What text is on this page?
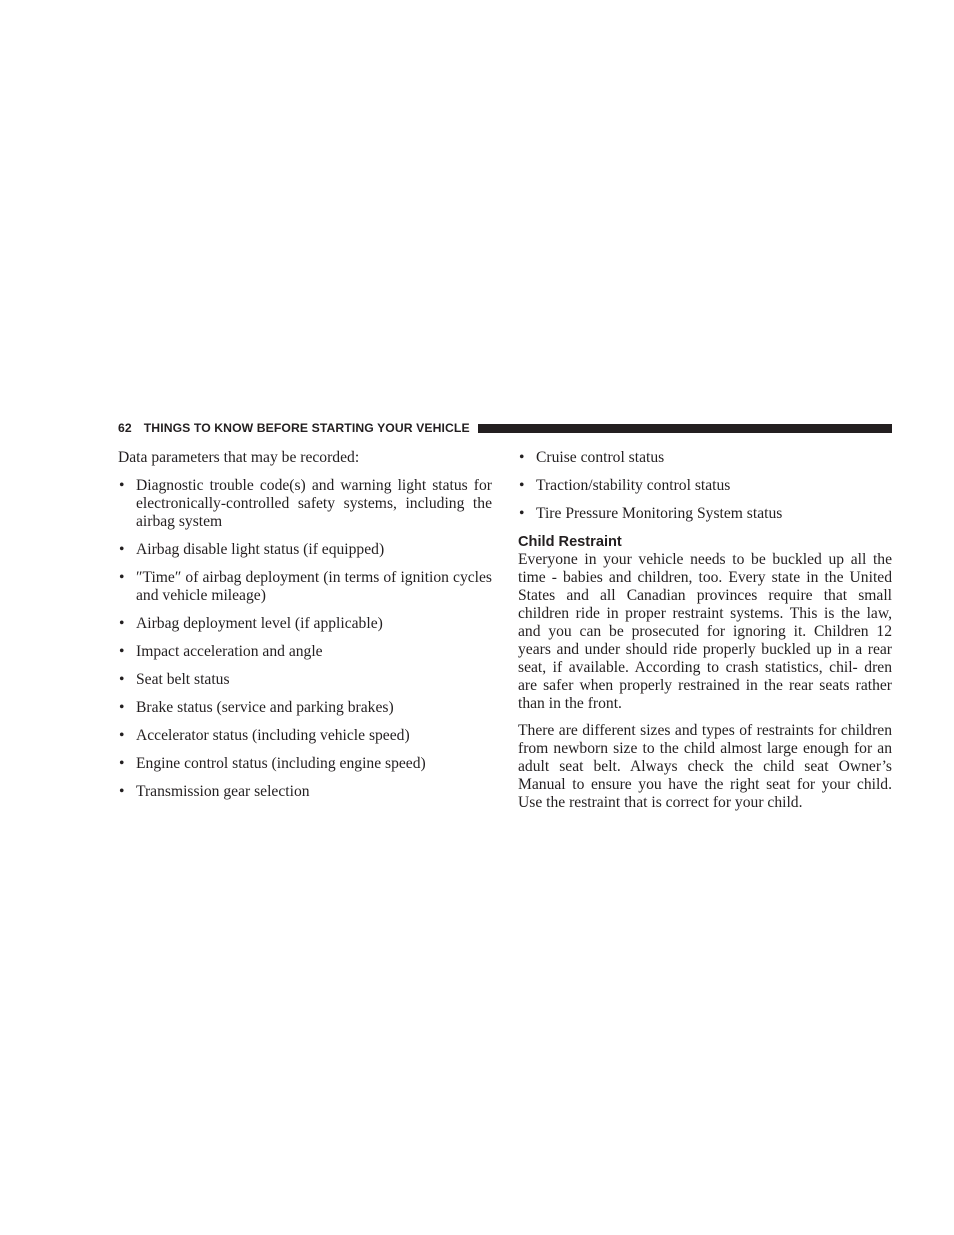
62 THINGS TO KNOW BEFORE STARTING YOUR VEHICLE

Data parameters that may be recorded:

• Diagnostic trouble code(s) and warning light status for electronically-controlled safety systems, including the airbag system
• Airbag disable light status (if equipped)
• ″Time″ of airbag deployment (in terms of ignition cycles and vehicle mileage)
• Airbag deployment level (if applicable)
• Impact acceleration and angle
• Seat belt status
• Brake status (service and parking brakes)
• Accelerator status (including vehicle speed)
• Engine control status (including engine speed)
• Transmission gear selection
• Cruise control status
• Traction/stability control status
• Tire Pressure Monitoring System status
Child Restraint

Everyone in your vehicle needs to be buckled up all the time - babies and children, too. Every state in the United States and all Canadian provinces require that small children ride in proper restraint systems. This is the law, and you can be prosecuted for ignoring it. Children 12 years and under should ride properly buckled up in a rear seat, if available. According to crash statistics, chil- dren are safer when properly restrained in the rear seats rather than in the front.

There are different sizes and types of restraints for children from newborn size to the child almost large enough for an adult seat belt. Always check the child seat Owner’s Manual to ensure you have the right seat for your child. Use the restraint that is correct for your child.
